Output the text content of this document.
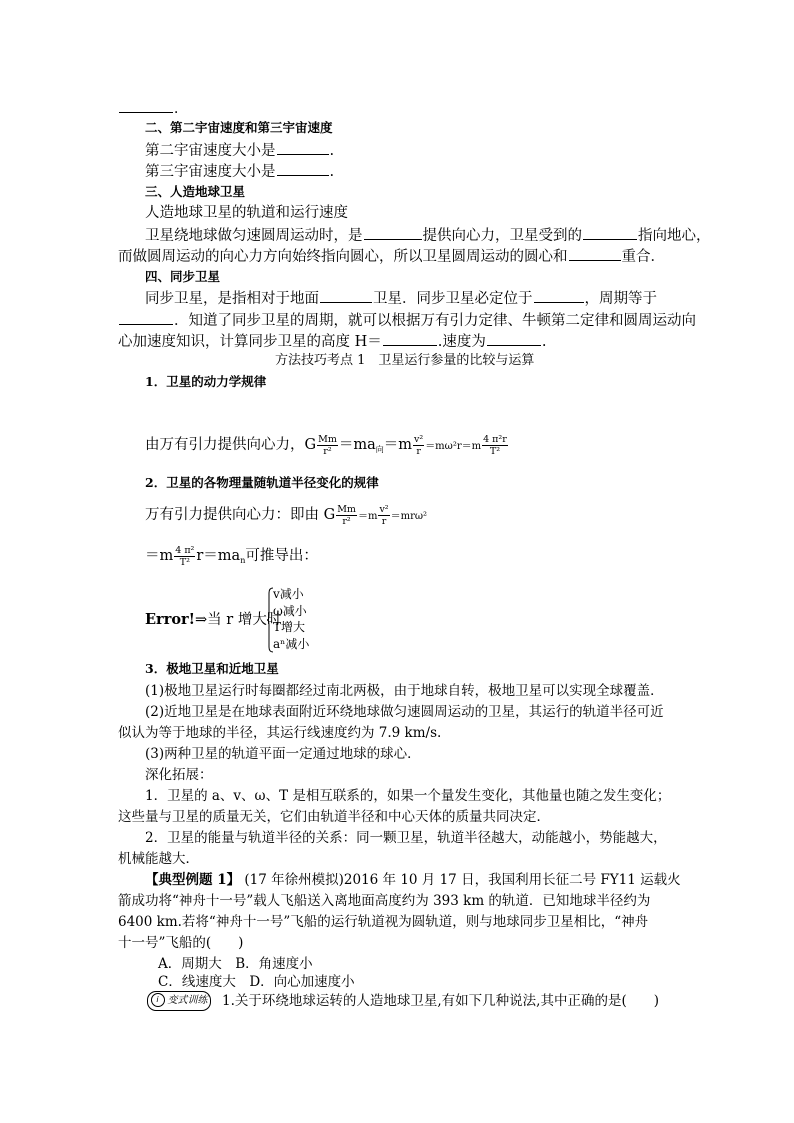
.
二、第二宇宙速度和第三宇宙速度
第二宇宙速度大小是	.
第三宇宙速度大小是	.
三、人造地球卫星
人造地球卫星的轨道和运行速度
卫星绕地球做匀速圆周运动时，是	提供向心力，卫星受到的	指向地心，
而做圆周运动的向心力方向始终指向圆心，所以卫星圆周运动的圆心和	重合．
四、同步卫星
同步卫星，是指相对于地面	卫星．同步卫星必定位于	，周期等于
．知道了同步卫星的周期，就可以根据万有引力定律、牛顿第二定律和圆周运动向
心加速度知识，计算同步卫星的高度 H＝	.速度为	.
方法技巧考点 1　卫星运行参量的比较与运算
1．卫星的动力学规律
由万有引力提供向心力，G $\frac{Mm}{\text{r²}} =ma_向=m \frac{\text{v²}}{r} =m\omega^2r=m \frac{\text{4 π²r}}{\text{T²}}$
2．卫星的各物理量随轨道半径变化的规律
万有引力提供向心力：即由 G $\frac{Mm}{\text{r²}} =m \frac{\text{v²}}{r} =mr\omega^2$
$=m \frac{\text{4 π²}}{\text{T²}} r=ma_n$可推导出：
Error!⇒当 r 增大时
v减小
ω减小
T增大
aⁿ减小
3．极地卫星和近地卫星
(1)极地卫星运行时每圈都经过南北两极，由于地球自转，极地卫星可以实现全球覆盖．
(2)近地卫星是在地球表面附近环绕地球做匀速圆周运动的卫星，其运行的轨道半径可近
似认为等于地球的半径，其运行线速度约为 7.9 km/s.
(3)两种卫星的轨道平面一定通过地球的球心．
深化拓展：
1．卫星的 a、v、ω、T 是相互联系的，如果一个量发生变化，其他量也随之发生变化；
这些量与卫星的质量无关，它们由轨道半径和中心天体的质量共同决定．
2．卫星的能量与轨道半径的关系：同一颗卫星，轨道半径越大，动能越小，势能越大，
机械能越大．
【典型例题 1】 (17 年徐州模拟)2016 年 10 月 17 日，我国利用长征二号 FY11 运载火
箭成功将“神舟十一号”载人飞船送入离地面高度约为 393 km 的轨道．已知地球半径约为
6400 km.若将“神舟十一号”飞船的运行轨道视为圆轨道，则与地球同步卫星相比，“神舟
十一号”飞船的(　　)
A．周期大　B．角速度小
C．线速度大　D．向心加速度小
i 变式训练 1.关于环绕地球运转的人造地球卫星,有如下几种说法,其中正确的是(　　)
